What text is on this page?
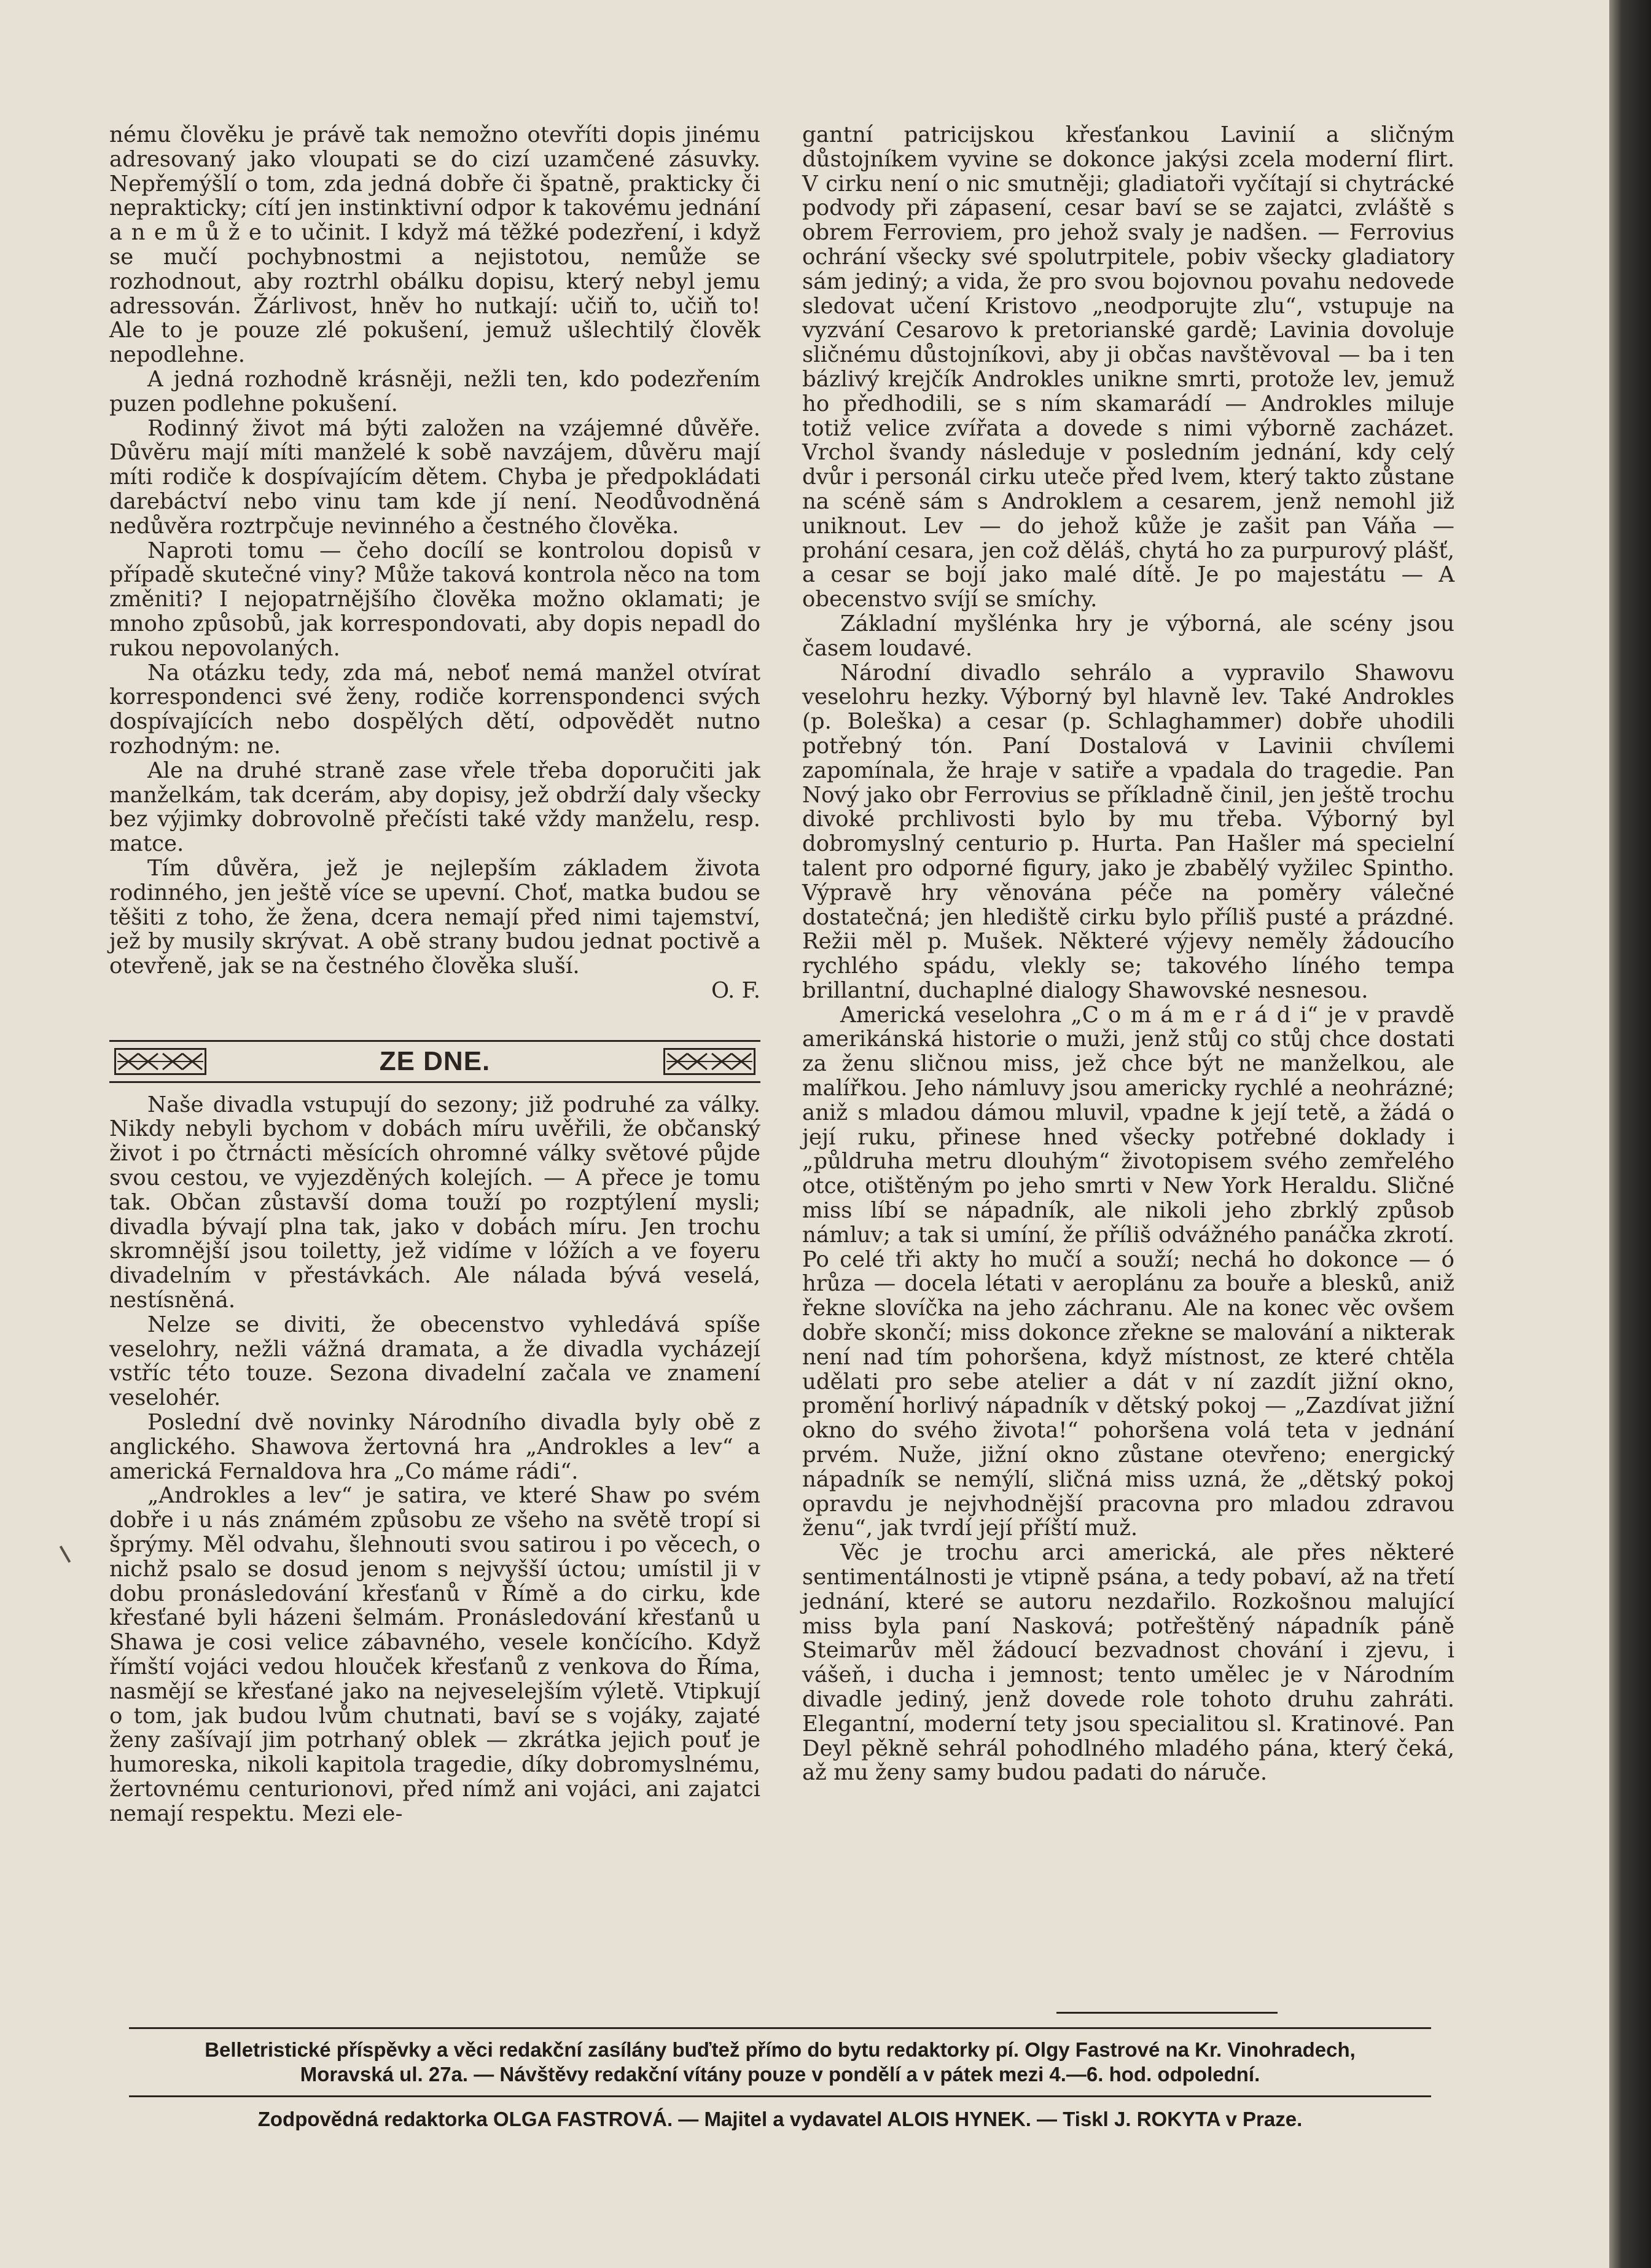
nému člověku je právě tak nemožno otevříti dopis jinému adresovaný jako vloupati se do cizí uzamčené zásuvky. Nepřemýšlí o tom, zda jedná dobře či špatně, prakticky či neprakticky; cítí jen instinktivní odpor k takovému jednání a n e m ů ž e to učinit. I když má těžké podezření, i když se mučí pochybnostmi a nejistotou, nemůže se rozhodnout, aby roztrhl obálku dopisu, který nebyl jemu adressován. Žárlivost, hněv ho nutkají: učiň to, učiň to! Ale to je pouze zlé pokušení, jemuž ušlechtilý člověk nepodlehne.

A jedná rozhodně krásněji, nežli ten, kdo podezřením puzen podlehne pokušení.

Rodinný život má býti založen na vzájemné důvěře. Důvěru mají míti manželé k sobě navzájem, důvěru mají míti rodiče k dospívajícím dětem. Chyba je předpokládati darebáctví nebo vinu tam kde jí není. Neodůvodněná nedůvěra roztrpčuje nevinného a čestného člověka.

Naproti tomu — čeho docílí se kontrolou dopisů v případě skutečné viny? Může taková kontrola něco na tom změniti? I nejopatrnějšího člověka možno oklamati; je mnoho způsobů, jak korrespondovati, aby dopis nepadl do rukou nepovolaných.

Na otázku tedy, zda má, neboť nemá manžel otvírat korrespondenci své ženy, rodiče korrenspondenci svých dospívajících nebo dospělých dětí, odpovědět nutno rozhodným: ne.

Ale na druhé straně zase vřele třeba doporučiti jak manželkám, tak dcerám, aby dopisy, jež obdrží daly všecky bez výjimky dobrovolně přečísti také vždy manželu, resp. matce.

Tím důvěra, jež je nejlepším základem života rodinného, jen ještě více se upevní. Choť, matka budou se těšiti z toho, že žena, dcera nemají před nimi tajemství, jež by musily skrývat. A obě strany budou jednat poctivě a otevřeně, jak se na čestného člověka sluší.

O. F.

ZE DNE.

Naše divadla vstupují do sezony; již podruhé za války. Nikdy nebyli bychom v dobách míru uvěřili, že občanský život i po čtrnácti měsících ohromné války světové půjde svou cestou, ve vyjezděných kolejích. — A přece je tomu tak. Občan zůstavší doma touží po rozptýlení mysli; divadla bývají plna tak, jako v dobách míru. Jen trochu skromnější jsou toiletty, jež vidíme v lóžích a ve foyeru divadelním v přestávkách. Ale nálada bývá veselá, nestísněná.

Nelze se diviti, že obecenstvo vyhledává spíše veselohry, nežli vážná dramata, a že divadla vycházejí vstříc této touze. Sezona divadelní začala ve znamení veselohér.

Poslední dvě novinky Národního divadla byly obě z anglického. Shawova žertovná hra „Androkles a lev“ a americká Fernaldova hra „Co máme rádi“.

„Androkles a lev“ je satira, ve které Shaw po svém dobře i u nás známém způsobu ze všeho na světě tropí si šprýmy. Měl odvahu, šlehnouti svou satirou i po věcech, o nichž psalo se dosud jenom s nejvyšší úctou; umístil ji v dobu pronásledování křesťanů v Římě a do cirku, kde křesťané byli házeni šelmám. Pronásledování křesťanů u Shawa je cosi velice zábavného, vesele končícího. Když římští vojáci vedou hlouček křesťanů z venkova do Říma, nasmějí se křesťané jako na nejveselejším výletě. Vtipkují o tom, jak budou lvům chutnati, baví se s vojáky, zajaté ženy zašívají jim potrhaný oblek — zkrátka jejich pouť je humoreska, nikoli kapitola tragedie, díky dobromyslnému, žertovnému centurionovi, před nímž ani vojáci, ani zajatci nemají respektu. Mezi ele-

gantní patricijskou křesťankou Lavinií a sličným důstojníkem vyvine se dokonce jakýsi zcela moderní flirt. V cirku není o nic smutněji; gladiatoři vyčítají si chytrácké podvody při zápasení, cesar baví se se zajatci, zvláště s obrem Ferroviem, pro jehož svaly je nadšen. — Ferrovius ochrání všecky své spolutrpitele, pobiv všecky gladiatory sám jediný; a vida, že pro svou bojovnou povahu nedovede sledovat učení Kristovo „neodporujte zlu“, vstupuje na vyzvání Cesarovo k pretorianské gardě; Lavinia dovoluje sličnému důstojníkovi, aby ji občas navštěvoval — ba i ten bázlivý krejčík Androkles unikne smrti, protože lev, jemuž ho předhodili, se s ním skamarádí — Androkles miluje totiž velice zvířata a dovede s nimi výborně zacházet. Vrchol švandy následuje v posledním jednání, kdy celý dvůr i personál cirku uteče před lvem, který takto zůstane na scéně sám s Androklem a cesarem, jenž nemohl již uniknout. Lev — do jehož kůže je zašit pan Váňa — prohání cesara, jen což děláš, chytá ho za purpurový plášť, a cesar se bojí jako malé dítě. Je po majestátu — A obecenstvo svíjí se smíchy.

Základní myšlénka hry je výborná, ale scény jsou časem loudavé.

Národní divadlo sehrálo a vypravilo Shawovu veselohru hezky. Výborný byl hlavně lev. Také Androkles (p. Boleška) a cesar (p. Schlaghammer) dobře uhodili potřebný tón. Paní Dostalová v Lavinii chvílemi zapomínala, že hraje v satiře a vpadala do tragedie. Pan Nový jako obr Ferrovius se příkladně činil, jen ještě trochu divoké prchlivosti bylo by mu třeba. Výborný byl dobromyslný centurio p. Hurta. Pan Hašler má specielní talent pro odporné figury, jako je zbabělý vyžilec Spintho. Výpravě hry věnována péče na poměry válečné dostatečná; jen hlediště cirku bylo příliš pusté a prázdné. Režii měl p. Mušek. Některé výjevy neměly žádoucího rychlého spádu, vlekly se; takového líného tempa brillantní, duchaplné dialogy Shawovské nesnesou.

Americká veselohra „C o m á m e r á d i“ je v pravdě amerikánská historie o muži, jenž stůj co stůj chce dostati za ženu sličnou miss, jež chce být ne manželkou, ale malířkou. Jeho námluvy jsou americky rychlé a neohrázné; aniž s mladou dámou mluvil, vpadne k její tetě, a žádá o její ruku, přinese hned všecky potřebné doklady i „půldruha metru dlouhým“ životopisem svého zemřelého otce, otištěným po jeho smrti v New York Heraldu. Sličné miss líbí se nápadník, ale nikoli jeho zbrklý způsob námluv; a tak si umíní, že příliš odvážného panáčka zkrotí. Po celé tři akty ho mučí a souží; nechá ho dokonce — ó hrůza — docela létati v aeroplánu za bouře a blesků, aniž řekne slovíčka na jeho záchranu. Ale na konec věc ovšem dobře skončí; miss dokonce zřekne se malování a nikterak není nad tím pohoršena, když místnost, ze které chtěla udělati pro sebe atelier a dát v ní zazdít jižní okno, promění horlivý nápadník v dětský pokoj — „Zazdívat jižní okno do svého života!“ pohoršena volá teta v jednání prvém. Nuže, jižní okno zůstane otevřeno; energický nápadník se nemýlí, sličná miss uzná, že „dětský pokoj opravdu je nejvhodnější pracovna pro mladou zdravou ženu“, jak tvrdí její příští muž.

Věc je trochu arci americká, ale přes některé sentimentálnosti je vtipně psána, a tedy pobaví, až na třetí jednání, které se autoru nezdařilo. Rozkošnou malující miss byla paní Nasková; potřeštěný nápadník páně Steimarův měl žádoucí bezvadnost chování i zjevu, i vášeň, i ducha i jemnost; tento umělec je v Národním divadle jediný, jenž dovede role tohoto druhu zahráti. Elegantní, moderní tety jsou specialitou sl. Kratinové. Pan Deyl pěkně sehrál pohodlného mladého pána, který čeká, až mu ženy samy budou padati do náruče.

Belletristické příspěvky a věci redakční zasílány buďtež přímo do bytu redaktorky pí. Olgy Fastrové na Kr. Vinohradech,
Moravská ul. 27a. — Návštěvy redakční vítány pouze v pondělí a v pátek mezi 4.—6. hod. odpolední.
Zodpovědná redaktorka OLGA FASTROVÁ. — Majitel a vydavatel ALOIS HYNEK. — Tiskl J. ROKYTA v Praze.
